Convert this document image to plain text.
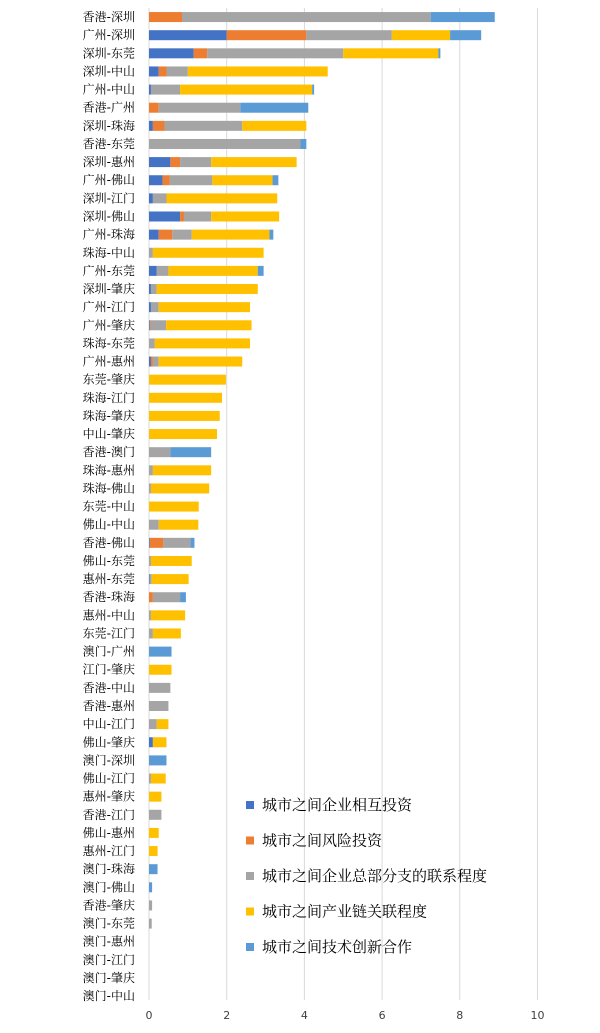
0	2	4	6	8	10
香港-深圳
广州-深圳
深圳-东莞
深圳-中山
广州-中山
香港-广州
深圳-珠海
香港-东莞
深圳-惠州
广州-佛山
深圳-江门
深圳-佛山
广州-珠海
珠海-中山
广州-东莞
深圳-肇庆
广州-江门
广州-肇庆
珠海-东莞
广州-惠州
东莞-肇庆
珠海-江门
珠海-肇庆
中山-肇庆
香港-澳门
珠海-惠州
珠海-佛山
东莞-中山
佛山-中山
香港-佛山
佛山-东莞
惠州-东莞
香港-珠海
惠州-中山
东莞-江门
澳门-广州
江门-肇庆
香港-中山
香港-惠州
中山-江门
佛山-肇庆
澳门-深圳
佛山-江门
惠州-肇庆
香港-江门
佛山-惠州
惠州-江门
澳门-珠海
澳门-佛山
香港-肇庆
澳门-东莞
澳门-惠州
澳门-江门
澳门-肇庆
澳门-中山
城市之间企业相互投资
城市之间风险投资
城市之间企业总部分支的联系程度
城市之间产业链关联程度
城市之间技术创新合作
